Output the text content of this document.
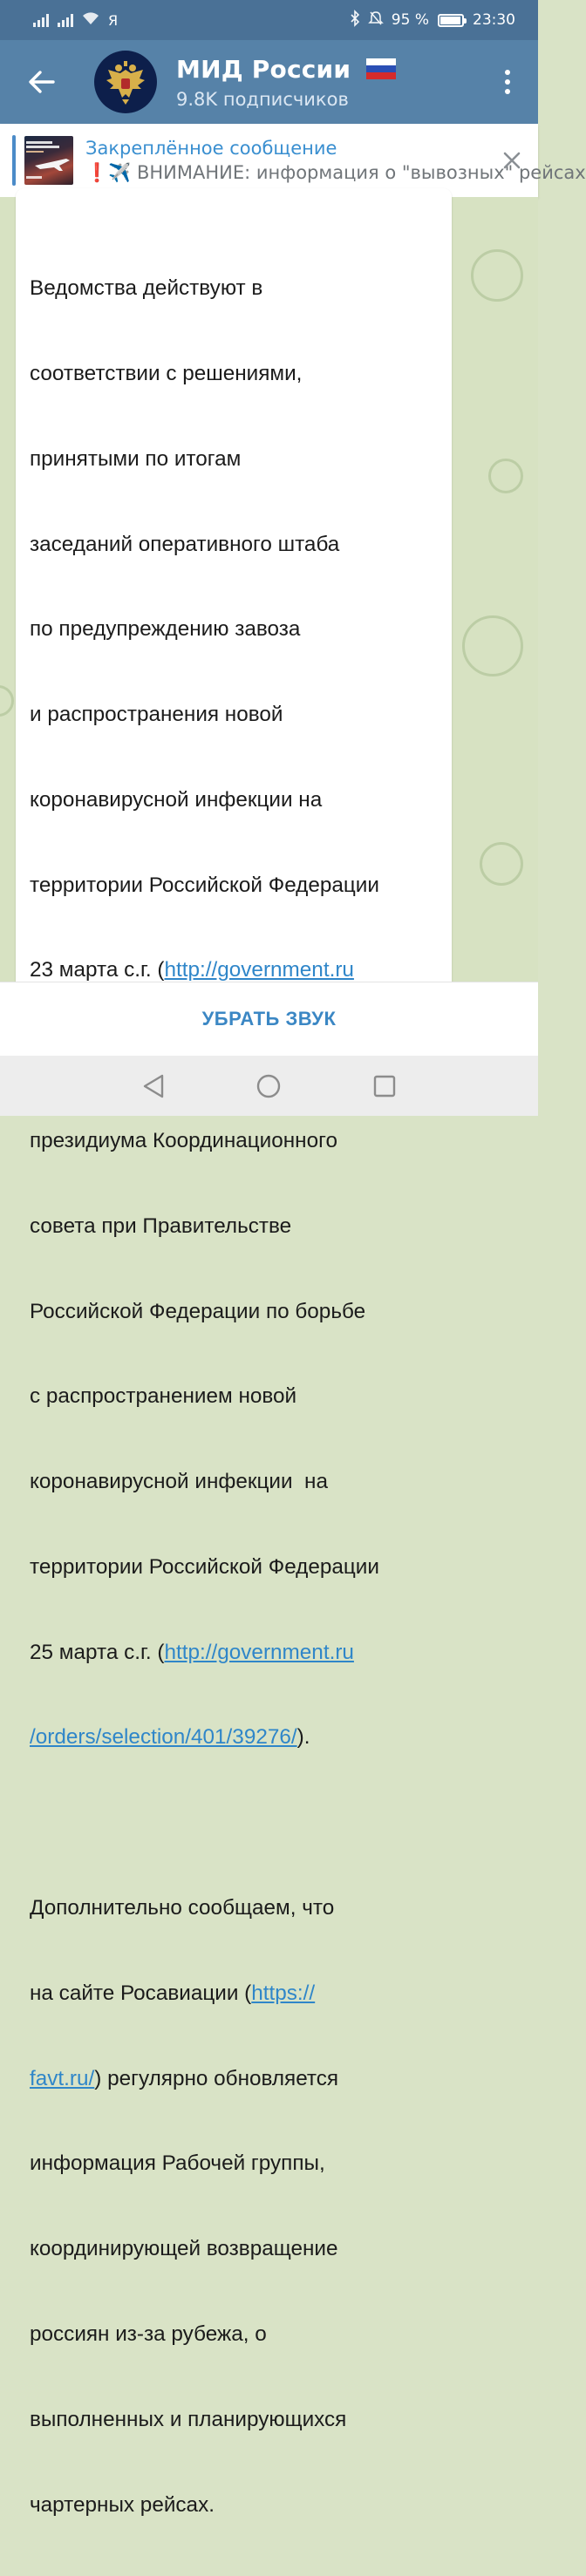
Я	95 %	23:30
МИД России
9.8K подписчиков
Закреплённое сообщение
❗️✈️ ВНИМАНИЕ: информация о "вывозных" рейсах

Ведомства действуют в

соответствии с решениями,

принятыми по итогам

заседаний оперативного штаба

по предупреждению завоза

и распространения новой

коронавирусной инфекции на

территории Российской Федерации

23 марта с.г. (http://government.ru

президиума Координационного

совета при Правительстве

Российской Федерации по борьбе

с распространением новой

коронавирусной инфекции  на

территории Российской Федерации

25 марта с.г. (http://government.ru

/orders/selection/401/39276/).

Дополнительно сообщаем, что

на сайте Росавиации (https://

favt.ru/) регулярно обновляется

информация Рабочей группы,

координирующей возвращение

россиян из-за рубежа, о

выполненных и планирующихся

чартерных рейсах.

УБРАТЬ ЗВУК
